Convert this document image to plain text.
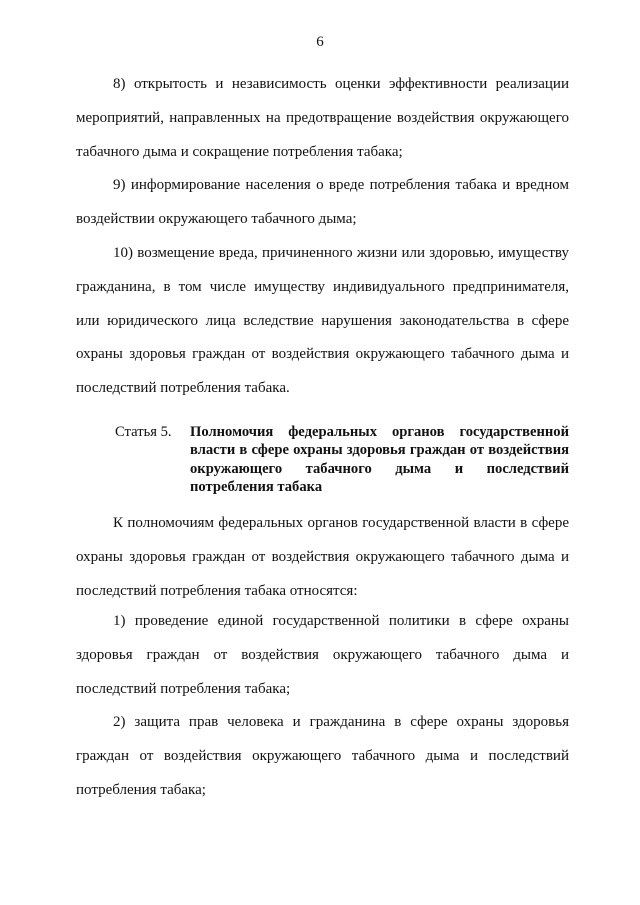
6

8) открытость и независимость оценки эффективности реализации мероприятий, направленных на предотвращение воздействия окружающего табачного дыма и сокращение потребления табака;

9) информирование населения о вреде потребления табака и вредном воздействии окружающего табачного дыма;

10) возмещение вреда, причиненного жизни или здоровью, имуществу гражданина, в том числе имуществу индивидуального предпринимателя, или юридического лица вследствие нарушения законодательства в сфере охраны здоровья граждан от воздействия окружающего табачного дыма и последствий потребления табака.

Статья 5.	Полномочия федеральных органов государственной власти в сфере охраны здоровья граждан от воздействия окружающего табачного дыма и последствий потребления табака

К полномочиям федеральных органов государственной власти в сфере охраны здоровья граждан от воздействия окружающего табачного дыма и последствий потребления табака относятся:

1) проведение единой государственной политики в сфере охраны здоровья граждан от воздействия окружающего табачного дыма и последствий потребления табака;

2) защита прав человека и гражданина в сфере охраны здоровья граждан от воздействия окружающего табачного дыма и последствий потребления табака;
